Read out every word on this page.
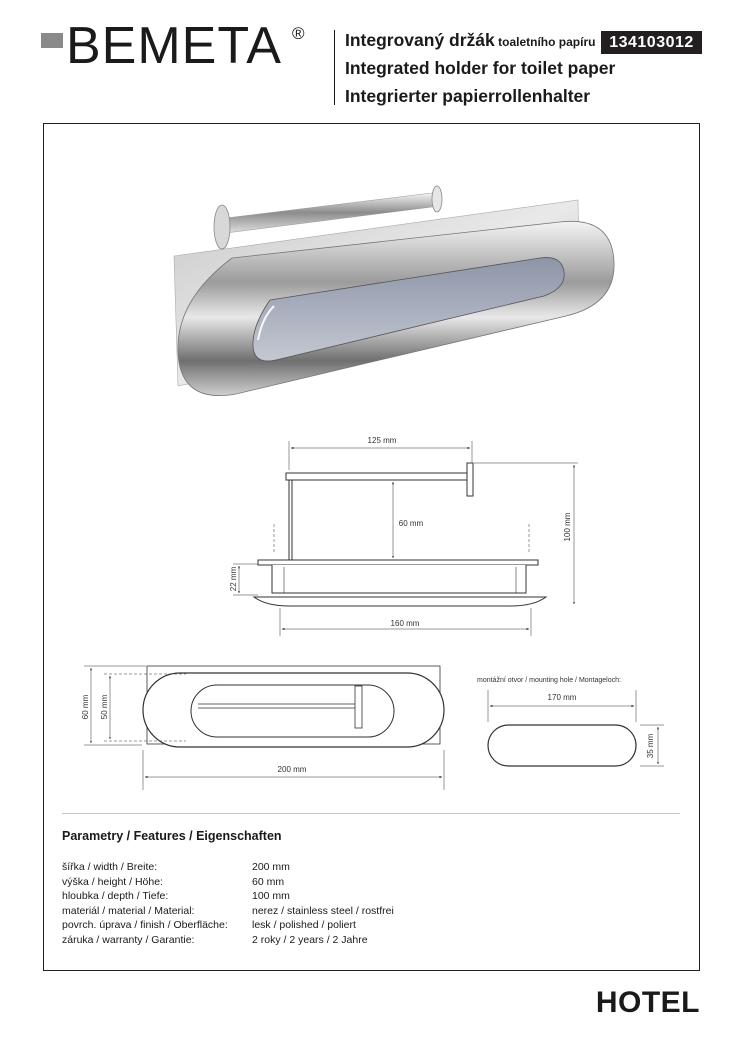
BEMETA ® Integrovaný držák toaletního papíru
Integrated holder for toilet paper
Integrierter papierrollenhalter
134103012
125 mm
60 mm	100 mm
22 mm
160 mm
60 mm 50 mm
200 mm
montážní otvor / mounting hole / Montageloch:
170 mm
35 mm
Parametry / Features / Eigenschaften
šířka / width / Breite:	200 mm
výška / height / Höhe:	60 mm
hloubka / depth / Tiefe:	100 mm
materiál / material / Material:	nerez / stainless steel / rostfrei
povrch. úprava / finish / Oberfläche: lesk / polished / poliert
záruka / warranty / Garantie:	2 roky / 2 years / 2 Jahre
HOTEL
